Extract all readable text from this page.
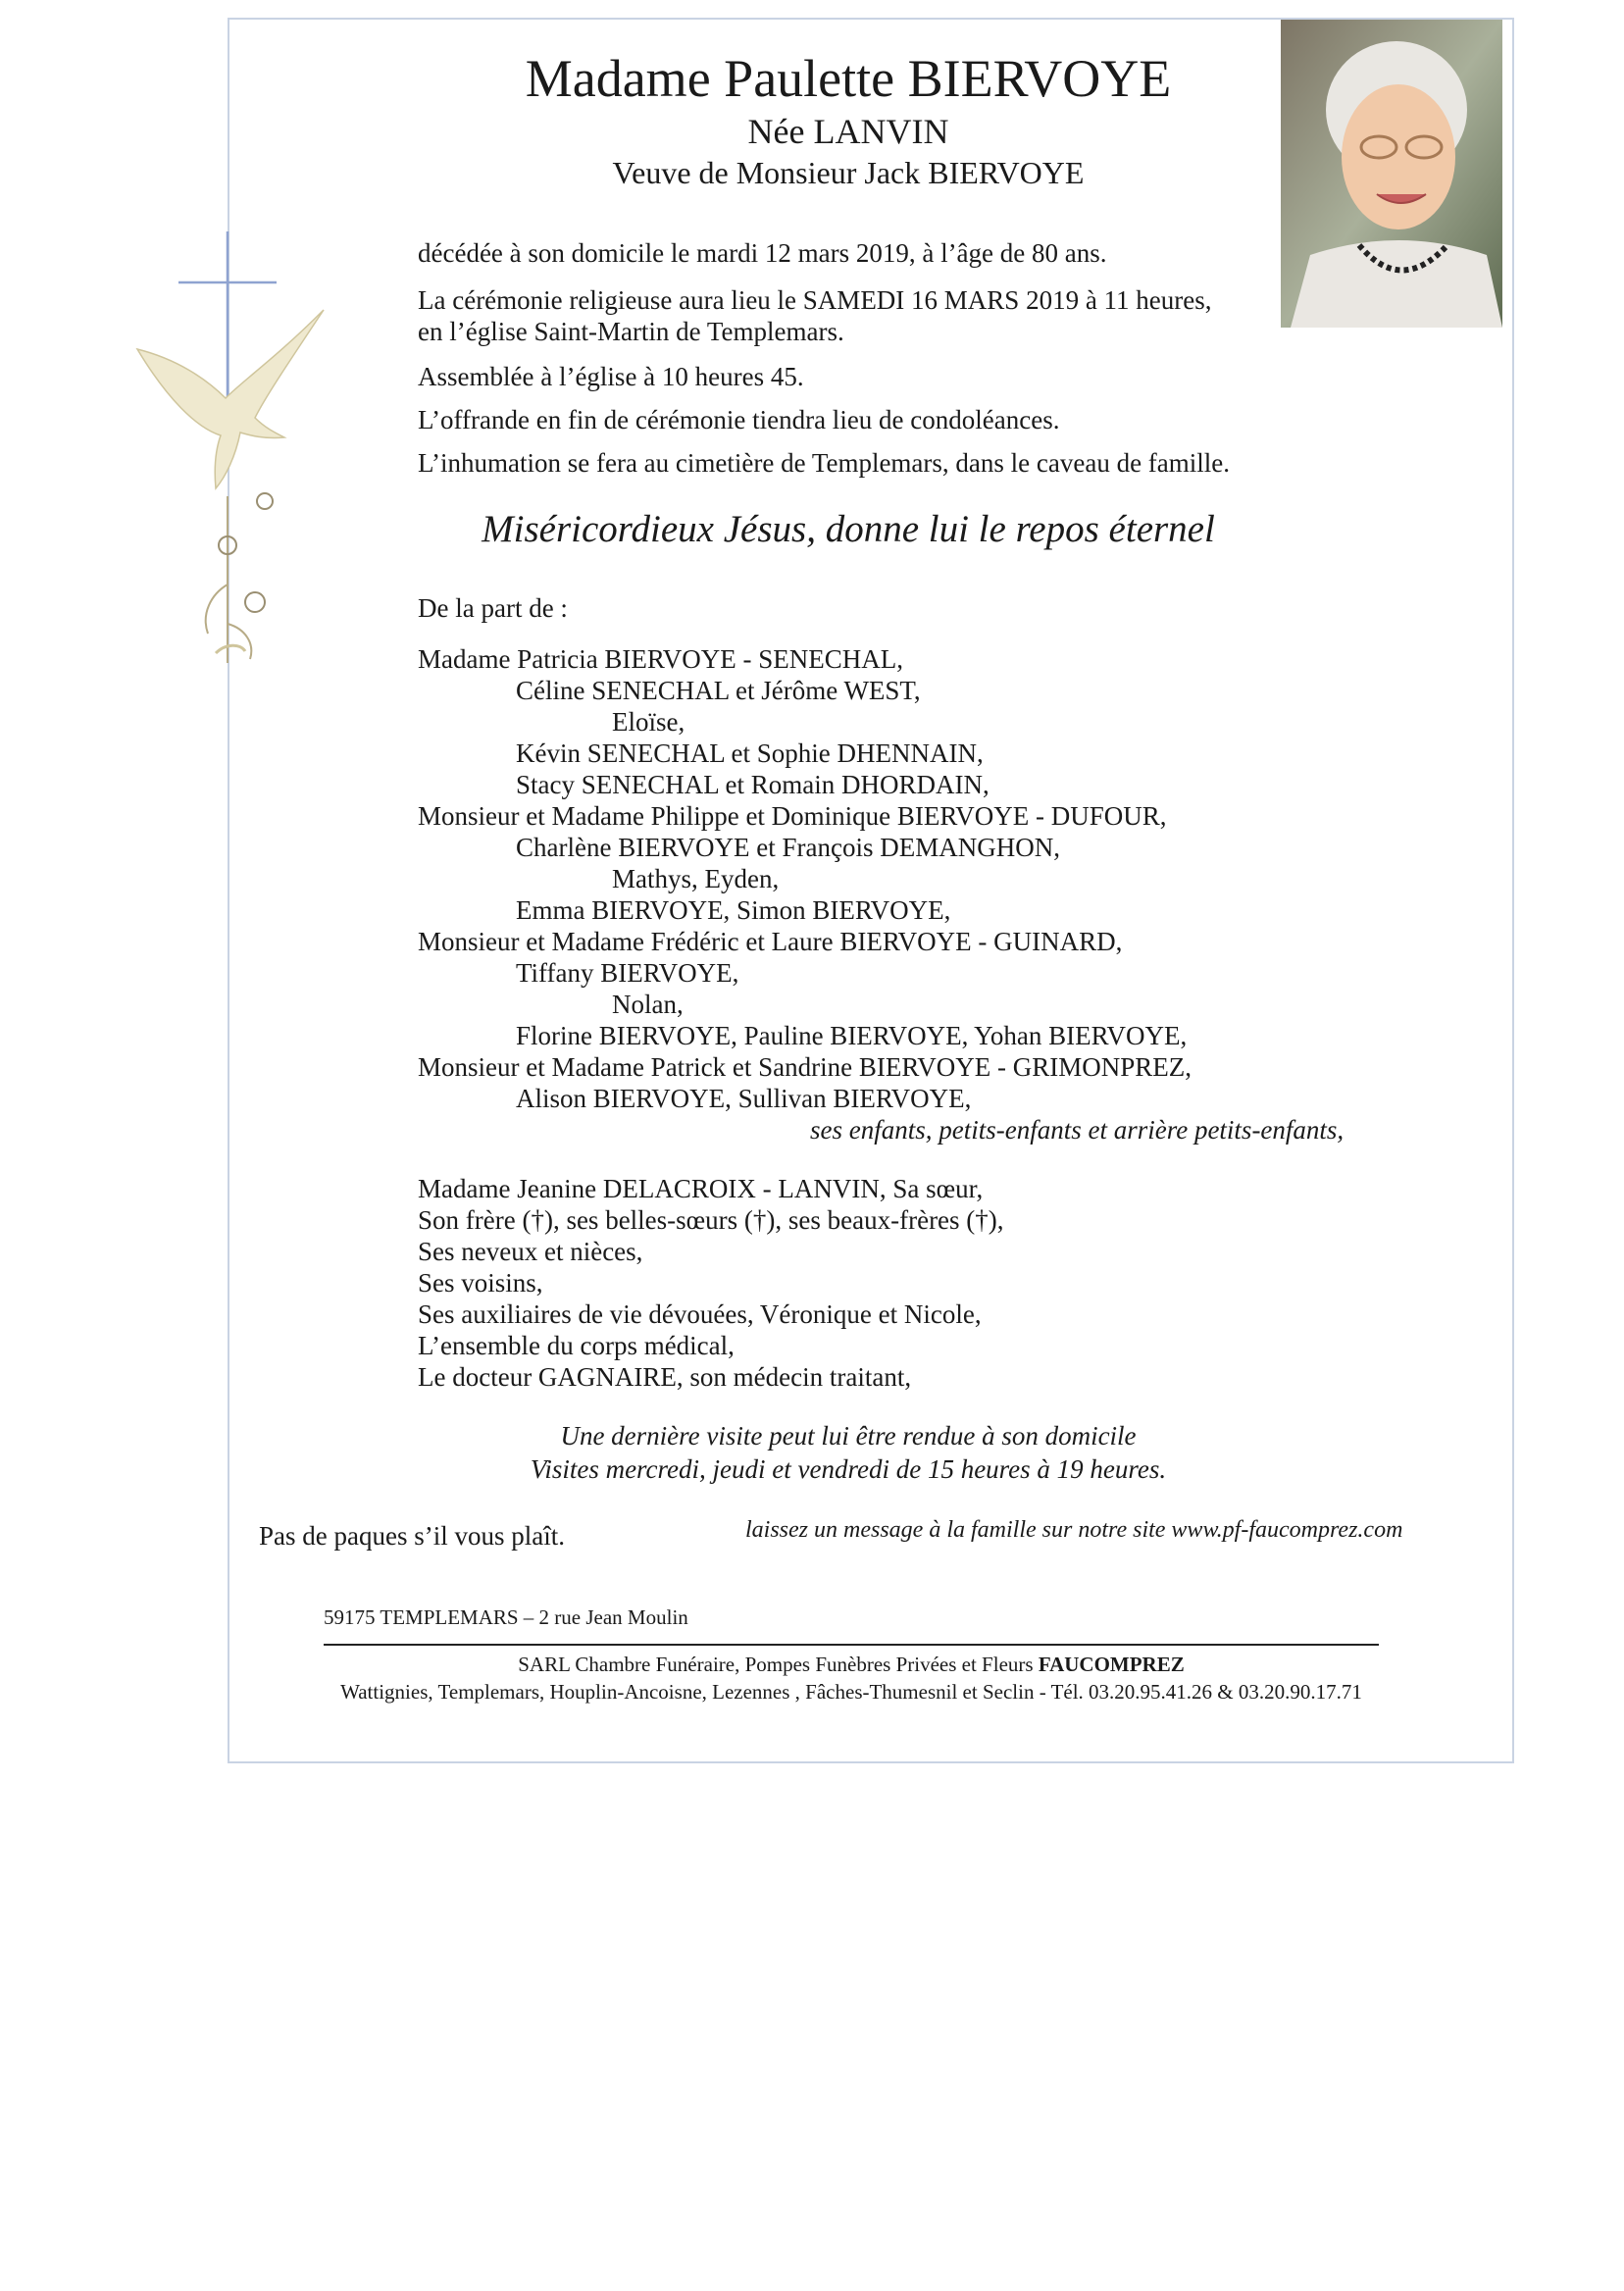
Madame Paulette BIERVOYE
Née LANVIN
Veuve de Monsieur Jack BIERVOYE
décédée à son domicile le mardi 12 mars 2019, à l’âge de 80 ans.
La cérémonie religieuse aura lieu le SAMEDI 16 MARS 2019 à 11 heures,
en l’église Saint-Martin de Templemars.
Assemblée à l’église à 10 heures 45.
L’offrande en fin de cérémonie tiendra lieu de condoléances.
L’inhumation se fera au cimetière de Templemars, dans le caveau de famille.
Miséricordieux Jésus, donne lui le repos éternel
De la part de :
Madame Patricia BIERVOYE - SENECHAL,
Céline SENECHAL et Jérôme WEST,
Eloïse,
Kévin SENECHAL et Sophie DHENNAIN,
Stacy SENECHAL et Romain DHORDAIN,
Monsieur et Madame Philippe et Dominique BIERVOYE - DUFOUR,
Charlène BIERVOYE et François DEMANGHON,
Mathys, Eyden,
Emma BIERVOYE, Simon BIERVOYE,
Monsieur et Madame Frédéric et Laure BIERVOYE - GUINARD,
Tiffany BIERVOYE,
Nolan,
Florine BIERVOYE, Pauline BIERVOYE, Yohan BIERVOYE,
Monsieur et Madame Patrick et Sandrine BIERVOYE - GRIMONPREZ,
Alison BIERVOYE, Sullivan BIERVOYE,
ses enfants, petits-enfants et arrière petits-enfants,
Madame Jeanine DELACROIX - LANVIN, Sa sœur,
Son frère (†), ses belles-sœurs (†), ses beaux-frères (†),
Ses neveux et nièces,
Ses voisins,
Ses auxiliaires de vie dévouées, Véronique et Nicole,
L’ensemble du corps médical,
Le docteur GAGNAIRE, son médecin traitant,
Une dernière visite peut lui être rendue à son domicile
Visites mercredi, jeudi et vendredi de 15 heures à 19 heures.
Pas de paques s’il vous plaît.	laissez un message à la famille sur notre site www.pf-faucomprez.com
59175 TEMPLEMARS – 2 rue Jean Moulin
SARL Chambre Funéraire, Pompes Funèbres Privées et Fleurs FAUCOMPREZ
Wattignies, Templemars, Houplin-Ancoisne, Lezennes , Fâches-Thumesnil et Seclin - Tél. 03.20.95.41.26 & 03.20.90.17.71
